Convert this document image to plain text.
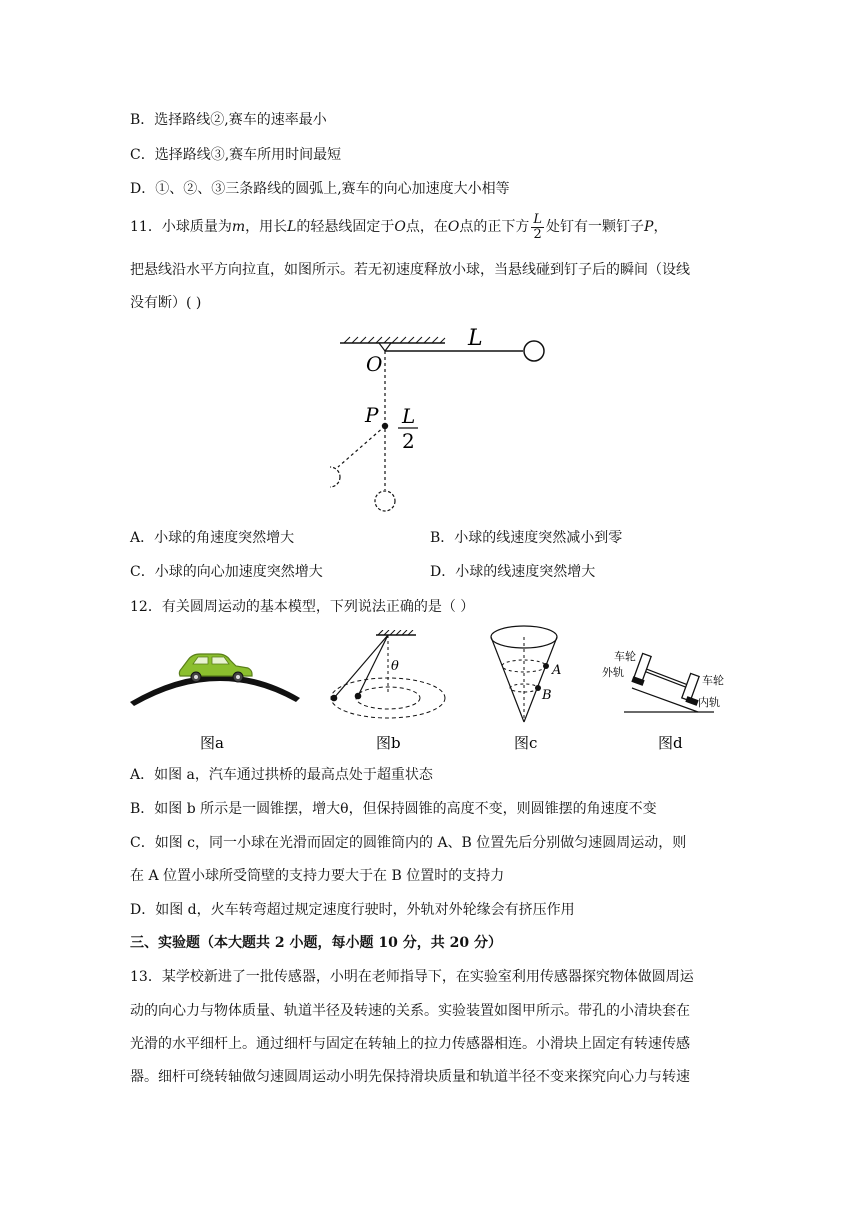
B．选择路线②,赛车的速率最小
C．选择路线③,赛车所用时间最短
D．①、②、③三条路线的圆弧上,赛车的向心加速度大小相等
11．小球质量为m，用长L的轻悬线固定于O点，在O点的正下方 $\frac{L}{2}$ 处钉有一颗钉子P，
把悬线沿水平方向拉直，如图所示。若无初速度释放小球，当悬线碰到钉子后的瞬间（设线
没有断）( )
L
O
P L
2
A．小球的角速度突然增大	B．小球的线速度突然减小到零
C．小球的向心加速度突然增大	D．小球的线速度突然增大
12．有关圆周运动的基本模型，下列说法正确的是（ ）
图a
θ
图b
A
B
图c
车轮
外轨
车轮
内轨
图d
A．如图 a，汽车通过拱桥的最高点处于超重状态
B．如图 b 所示是一圆锥摆，增大θ，但保持圆锥的高度不变，则圆锥摆的角速度不变
C．如图 c，同一小球在光滑而固定的圆锥筒内的 A、B 位置先后分别做匀速圆周运动，则
在 A 位置小球所受筒壁的支持力要大于在 B 位置时的支持力
D．如图 d，火车转弯超过规定速度行驶时，外轨对外轮缘会有挤压作用
三、实验题（本大题共 2 小题，每小题 10 分，共 20 分）
13．某学校新进了一批传感器，小明在老师指导下，在实验室利用传感器探究物体做圆周运
动的向心力与物体质量、轨道半径及转速的关系。实验装置如图甲所示。带孔的小清块套在
光滑的水平细杆上。通过细杆与固定在转轴上的拉力传感器相连。小滑块上固定有转速传感
器。细杆可绕转轴做匀速圆周运动小明先保持滑块质量和轨道半径不变来探究向心力与转速
